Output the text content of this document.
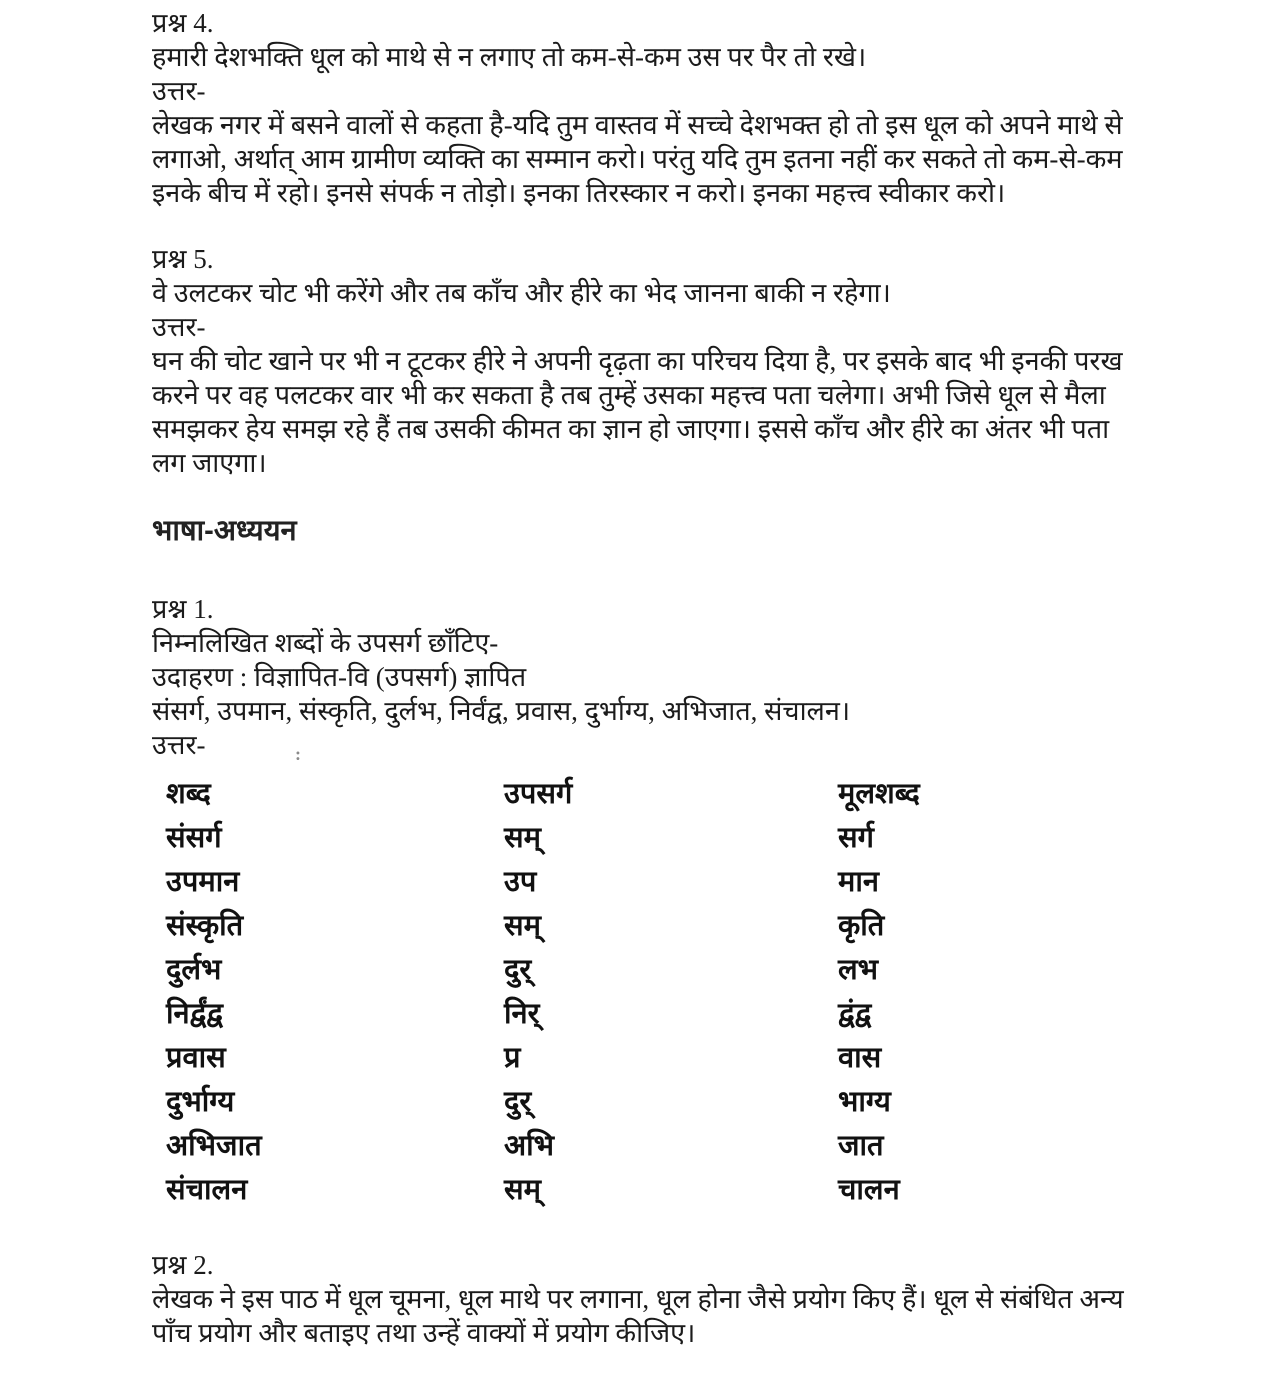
प्रश्न 4.
हमारी देशभक्ति धूल को माथे से न लगाए तो कम-से-कम उस पर पैर तो रखे।
उत्तर-
लेखक नगर में बसने वालों से कहता है-यदि तुम वास्तव में सच्चे देशभक्त हो तो इस धूल को अपने माथे से लगाओ, अर्थात् आम ग्रामीण व्यक्ति का सम्मान करो। परंतु यदि तुम इतना नहीं कर सकते तो कम-से-कम इनके बीच में रहो। इनसे संपर्क न तोड़ो। इनका तिरस्कार न करो। इनका महत्त्व स्वीकार करो।
प्रश्न 5.
वे उलटकर चोट भी करेंगे और तब काँच और हीरे का भेद जानना बाकी न रहेगा।
उत्तर-
घन की चोट खाने पर भी न टूटकर हीरे ने अपनी दृढ़ता का परिचय दिया है, पर इसके बाद भी इनकी परख करने पर वह पलटकर वार भी कर सकता है तब तुम्हें उसका महत्त्व पता चलेगा। अभी जिसे धूल से मैला समझकर हेय समझ रहे हैं तब उसकी कीमत का ज्ञान हो जाएगा। इससे काँच और हीरे का अंतर भी पता लग जाएगा।
भाषा-अध्ययन
प्रश्न 1.
निम्नलिखित शब्दों के उपसर्ग छाँटिए-
उदाहरण : विज्ञापित-वि (उपसर्ग) ज्ञापित
संसर्ग, उपमान, संस्कृति, दुर्लभ, निर्वंद्व, प्रवास, दुर्भाग्य, अभिजात, संचालन।
उत्तर-
शब्द	उपसर्ग	मूलशब्द
संसर्ग	सम्	सर्ग
उपमान	उप	मान
संस्कृति	सम्	कृति
दुर्लभ	दुर्	लभ
निर्द्वंद्व	निर्	द्वंद्व
प्रवास	प्र	वास
दुर्भाग्य	दुर्	भाग्य
अभिजात	अभि	जात
संचालन	सम्	चालन
प्रश्न 2.
लेखक ने इस पाठ में धूल चूमना, धूल माथे पर लगाना, धूल होना जैसे प्रयोग किए हैं। धूल से संबंधित अन्य पाँच प्रयोग और बताइए तथा उन्हें वाक्यों में प्रयोग कीजिए।
:
